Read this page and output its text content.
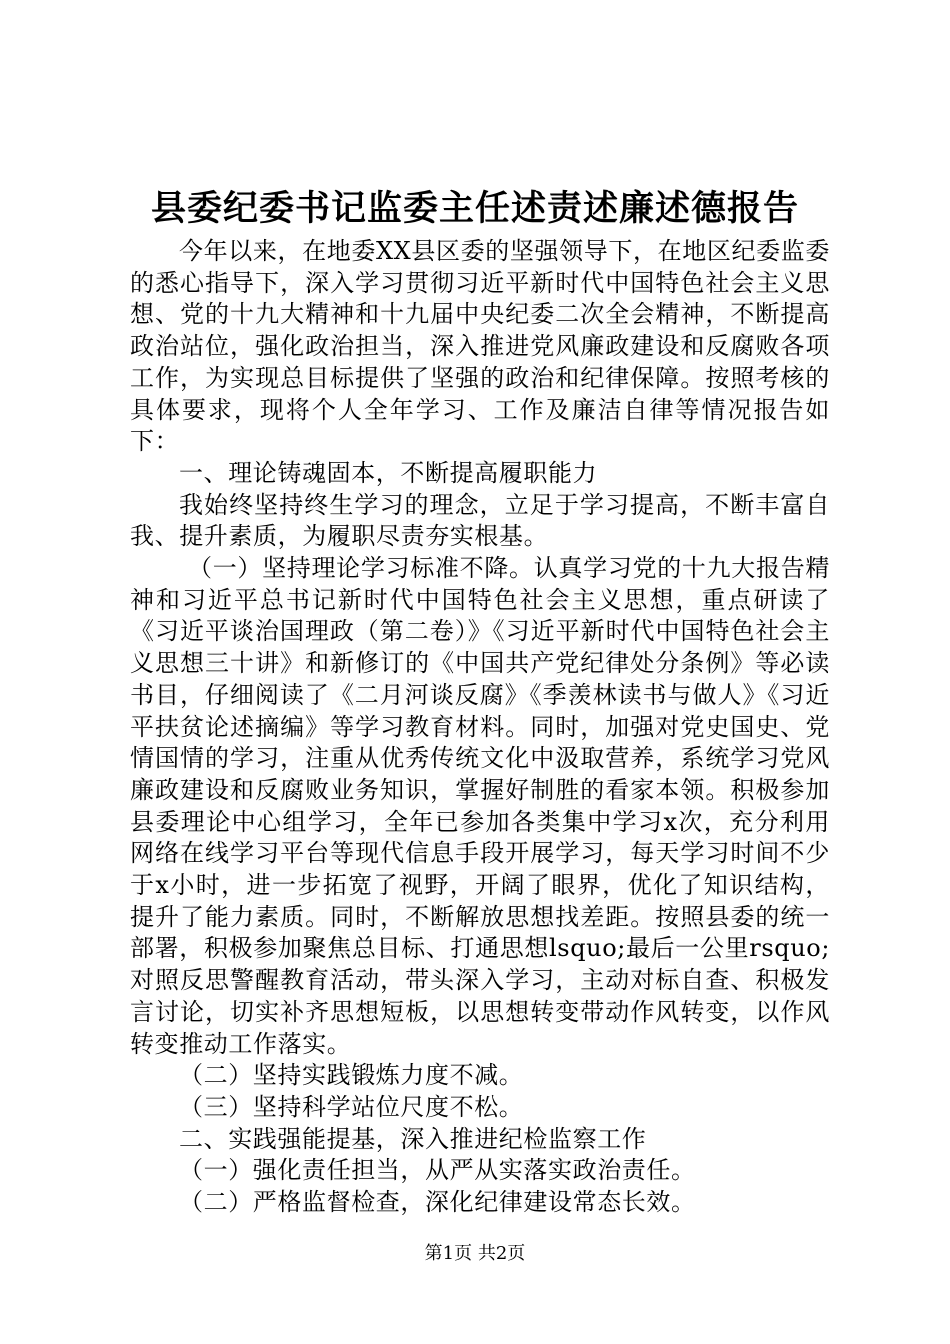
县委纪委书记监委主任述责述廉述德报告

今年以来，在地委XX县区委的坚强领导下，在地区纪委监委的悉心指导下，深入学习贯彻习近平新时代中国特色社会主义思想、党的十九大精神和十九届中央纪委二次全会精神，不断提高政治站位，强化政治担当，深入推进党风廉政建设和反腐败各项工作，为实现总目标提供了坚强的政治和纪律保障。按照考核的具体要求，现将个人全年学习、工作及廉洁自律等情况报告如下：

一、理论铸魂固本，不断提高履职能力

我始终坚持终生学习的理念，立足于学习提高，不断丰富自我、提升素质，为履职尽责夯实根基。

（一）坚持理论学习标准不降。认真学习党的十九大报告精神和习近平总书记新时代中国特色社会主义思想，重点研读了《习近平谈治国理政（第二卷）》《习近平新时代中国特色社会主义思想三十讲》和新修订的《中国共产党纪律处分条例》等必读书目，仔细阅读了《二月河谈反腐》《季羡林读书与做人》《习近平扶贫论述摘编》等学习教育材料。同时，加强对党史国史、党情国情的学习，注重从优秀传统文化中汲取营养，系统学习党风廉政建设和反腐败业务知识，掌握好制胜的看家本领。积极参加县委理论中心组学习，全年已参加各类集中学习x次，充分利用网络在线学习平台等现代信息手段开展学习，每天学习时间不少于x小时，进一步拓宽了视野，开阔了眼界，优化了知识结构，提升了能力素质。同时，不断解放思想找差距。按照县委的统一部署，积极参加聚焦总目标、打通思想lsquo;最后一公里rsquo;对照反思警醒教育活动，带头深入学习，主动对标自查、积极发言讨论，切实补齐思想短板，以思想转变带动作风转变，以作风转变推动工作落实。

（二）坚持实践锻炼力度不减。

（三）坚持科学站位尺度不松。

二、实践强能提基，深入推进纪检监察工作

（一）强化责任担当，从严从实落实政治责任。

（二）严格监督检查，深化纪律建设常态长效。

第1页 共2页
